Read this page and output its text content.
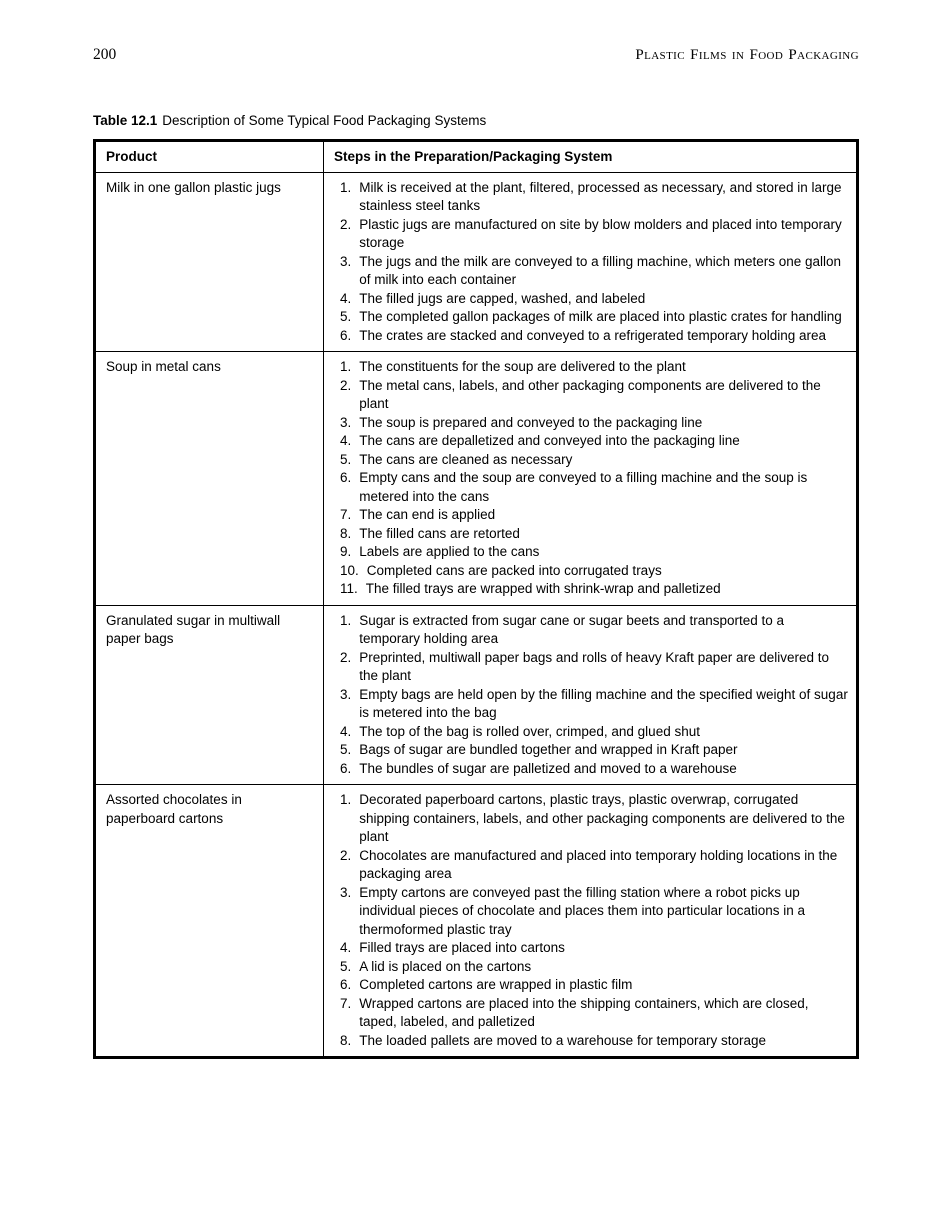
200	Plastic Films in Food Packaging
Table 12.1 Description of Some Typical Food Packaging Systems
Product	Steps in the Preparation/Packaging System
Milk in one gallon plastic jugs	1. Milk is received at the plant, filtered, processed as necessary, and stored in large stainless steel tanks
2. Plastic jugs are manufactured on site by blow molders and placed into temporary storage
3. The jugs and the milk are conveyed to a filling machine, which meters one gallon of milk into each container
4. The filled jugs are capped, washed, and labeled
5. The completed gallon packages of milk are placed into plastic crates for handling
6. The crates are stacked and conveyed to a refrigerated temporary holding area

Soup in metal cans	1. The constituents for the soup are delivered to the plant
2. The metal cans, labels, and other packaging components are delivered to the plant
3. The soup is prepared and conveyed to the packaging line
4. The cans are depalletized and conveyed into the packaging line
5. The cans are cleaned as necessary
6. Empty cans and the soup are conveyed to a filling machine and the soup is metered into the cans
7. The can end is applied
8. The filled cans are retorted
9. Labels are applied to the cans
10. Completed cans are packed into corrugated trays
11. The filled trays are wrapped with shrink-wrap and palletized

Granulated sugar in multiwall paper bags	
1. Sugar is extracted from sugar cane or sugar beets and transported to a temporary holding area
2. Preprinted, multiwall paper bags and rolls of heavy Kraft paper are delivered to the plant
3. Empty bags are held open by the filling machine and the specified weight of sugar is metered into the bag
4. The top of the bag is rolled over, crimped, and glued shut
5. Bags of sugar are bundled together and wrapped in Kraft paper
6. The bundles of sugar are palletized and moved to a warehouse

Assorted chocolates in paperboard cartons	
1. Decorated paperboard cartons, plastic trays, plastic overwrap, corrugated shipping containers, labels, and other packaging components are delivered to the plant
2. Chocolates are manufactured and placed into temporary holding locations in the packaging area
3. Empty cartons are conveyed past the filling station where a robot picks up individual pieces of chocolate and places them into particular locations in a thermoformed plastic tray
4. Filled trays are placed into cartons
5. A lid is placed on the cartons
6. Completed cartons are wrapped in plastic film
7. Wrapped cartons are placed into the shipping containers, which are closed, taped, labeled, and palletized
8. The loaded pallets are moved to a warehouse for temporary storage
